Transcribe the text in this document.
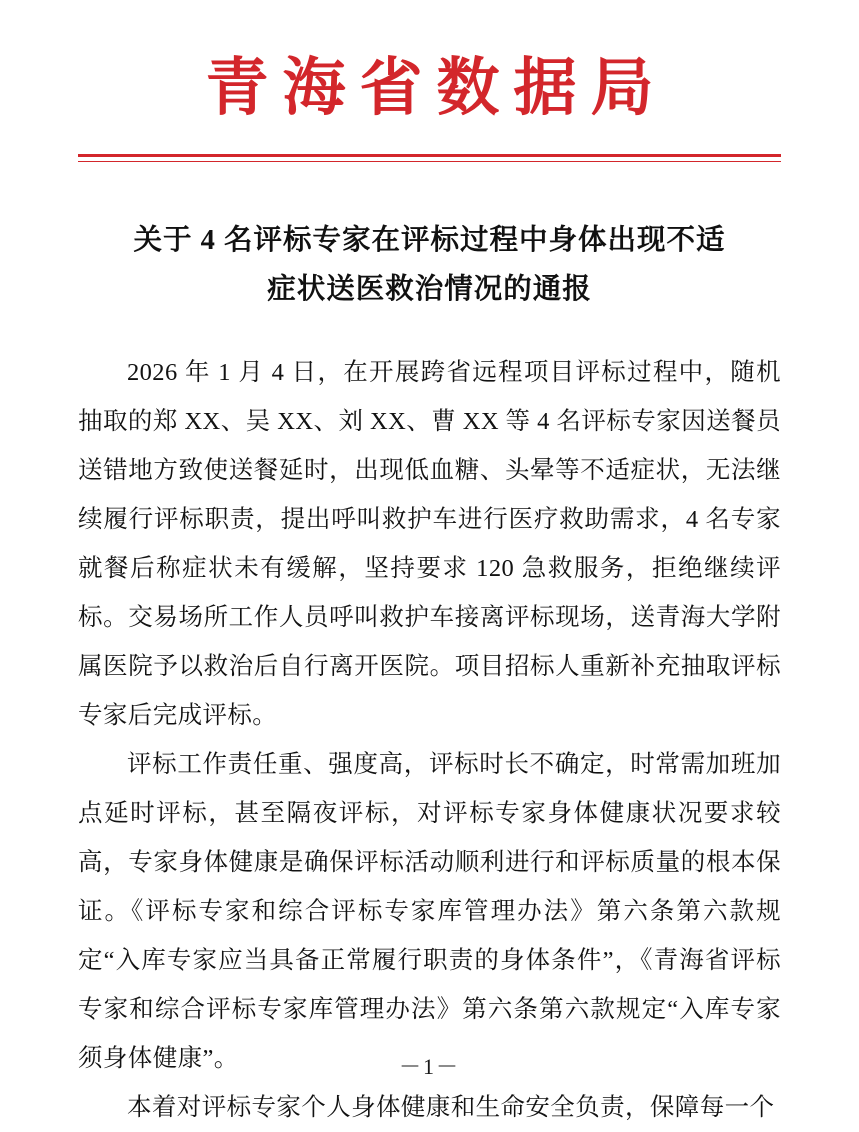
青海省数据局
关于 4 名评标专家在评标过程中身体出现不适
症状送医救治情况的通报

2026 年 1 月 4 日，在开展跨省远程项目评标过程中，随机抽取的郑 XX、吴 XX、刘 XX、曹 XX 等 4 名评标专家因送餐员送错地方致使送餐延时，出现低血糖、头晕等不适症状，无法继续履行评标职责，提出呼叫救护车进行医疗救助需求，4 名专家就餐后称症状未有缓解，坚持要求 120 急救服务，拒绝继续评标。交易场所工作人员呼叫救护车接离评标现场，送青海大学附属医院予以救治后自行离开医院。项目招标人重新补充抽取评标专家后完成评标。

评标工作责任重、强度高，评标时长不确定，时常需加班加点延时评标，甚至隔夜评标，对评标专家身体健康状况要求较高，专家身体健康是确保评标活动顺利进行和评标质量的根本保证。《评标专家和综合评标专家库管理办法》第六条第六款规定“入库专家应当具备正常履行职责的身体条件”，《青海省评标专家和综合评标专家库管理办法》第六条第六款规定“入库专家须身体健康”。

本着对评标专家个人身体健康和生命安全负责，保障每一个

－1－
